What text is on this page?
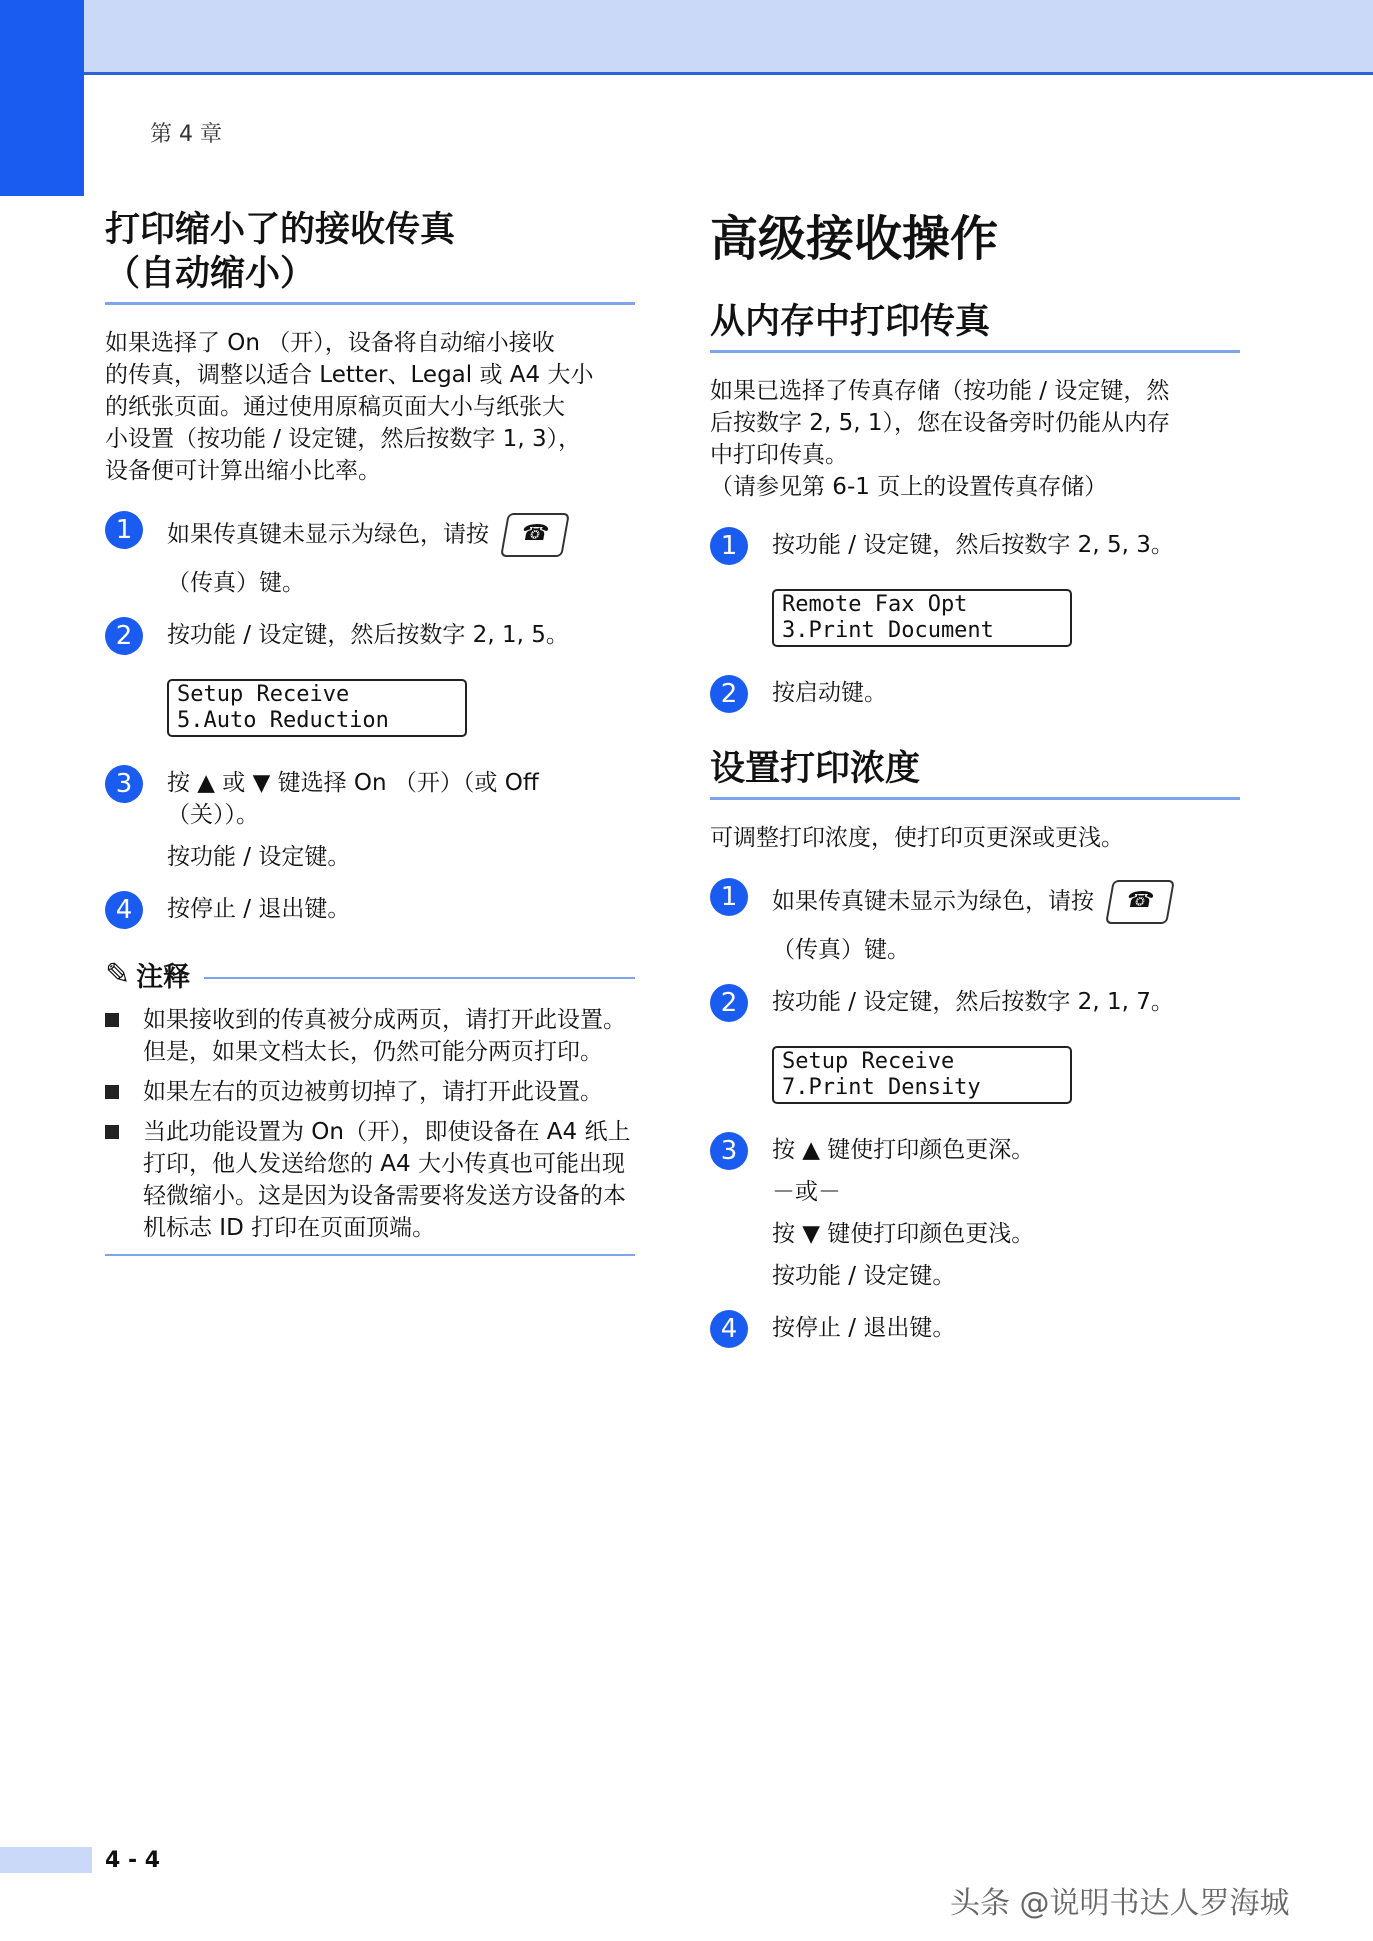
第 4 章
打印缩小了的接收传真
（自动缩小）
如果选择了 On （开），设备将自动缩小接收
的传真，调整以适合 Letter、Legal 或 A4 大小
的纸张页面。通过使用原稿页面大小与纸张大
小设置（按功能 / 设定键，然后按数字 1, 3），
设备便可计算出缩小比率。
1	如果传真键未显示为绿色，请按 ☎
（传真）键。
2	按功能 / 设定键，然后按数字 2, 1, 5。
Setup Receive
5.Auto Reduction
3	按 ▲ 或 ▼ 键选择 On （开）（或 Off （关））。
按功能 / 设定键。
4	按停止 / 退出键。
✎ 注释
如果接收到的传真被分成两页，请打开此设置。但是，如果文档太长，仍然可能分两页打印。
如果左右的页边被剪切掉了，请打开此设置。
当此功能设置为 On（开），即使设备在 A4 纸上打印，他人发送给您的 A4 大小传真也可能出现轻微缩小。这是因为设备需要将发送方设备的本机标志 ID 打印在页面顶端。
高级接收操作
从内存中打印传真
如果已选择了传真存储（按功能 / 设定键，然
后按数字 2, 5, 1），您在设备旁时仍能从内存
中打印传真。
（请参见第 6-1 页上的设置传真存储）
1	按功能 / 设定键，然后按数字 2, 5, 3。
Remote Fax Opt
3.Print Document
2	按启动键。
设置打印浓度
可调整打印浓度，使打印页更深或更浅。
1	如果传真键未显示为绿色，请按 ☎
（传真）键。
2	按功能 / 设定键，然后按数字 2, 1, 7。
Setup Receive
7.Print Density
3	按 ▲ 键使打印颜色更深。
－或－
按 ▼ 键使打印颜色更浅。
按功能 / 设定键。
4	按停止 / 退出键。
4 - 4
头条 @说明书达人罗海城
